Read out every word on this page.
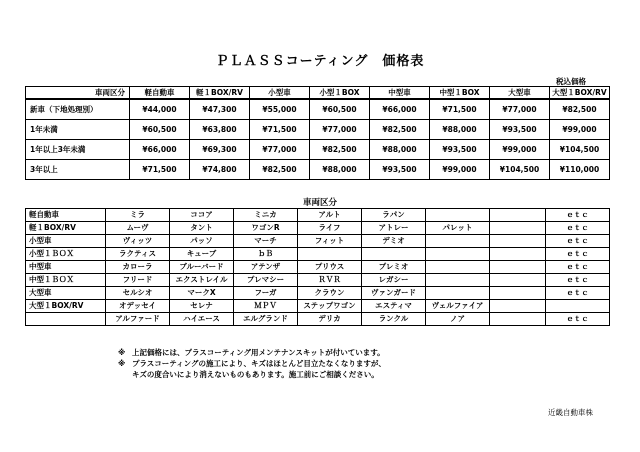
ＰＬＡＳＳコーティング　価格表
税込価格
車両区分	軽自動車	軽１BOX/RV	小型車	小型１BOX	中型車	中型１BOX	大型車	大型１BOX/RV
新車（下地処理別）	¥44,000	¥47,300	¥55,000	¥60,500	¥66,000	¥71,500	¥77,000	¥82,500
1年未満	¥60,500	¥63,800	¥71,500	¥77,000	¥82,500	¥88,000	¥93,500	¥99,000
1年以上3年未満	¥66,000	¥69,300	¥77,000	¥82,500	¥88,000	¥93,500	¥99,000	¥104,500
3年以上	¥71,500	¥74,800	¥82,500	¥88,000	¥93,500	¥99,000	¥104,500	¥110,000
車両区分
軽自動車	ミラ	ココア	ミニカ	アルト	ラパン			ｅｔｃ
軽１BOX/RV	ムーヴ	タント	ワゴンR	ライフ	アトレー	パレット		ｅｔｃ
小型車	ヴィッツ	パッソ	マーチ	フィット	デミオ			ｅｔｃ
小型１ＢＯＸ	ラクティス	キューブ	ｂＢ					ｅｔｃ
中型車	カローラ	ブルーバード	アテンザ	プリウス	プレミオ			ｅｔｃ
中型１ＢＯＸ	フリード	エクストレイル	プレマシー	ＲＶＲ	レガシー			ｅｔｃ
大型車	セルシオ	マークX	フーガ	クラウン	ヴァンガード			ｅｔｃ
大型１BOX/RV	オデッセイ	セレナ	ＭＰＶ	ステップワゴン	エスティマ	ヴェルファイア		
	アルファード	ハイエース	エルグランド	デリカ	ランクル	ノア		ｅｔｃ
※ 上記価格には、プラスコーティング用メンテナンスキットが付いています。
※ プラスコーティングの施工により、キズはほとんど目立たなくなりますが、
キズの度合いにより消えないものもあります。施工前にご相談ください。
近畿自動車株
